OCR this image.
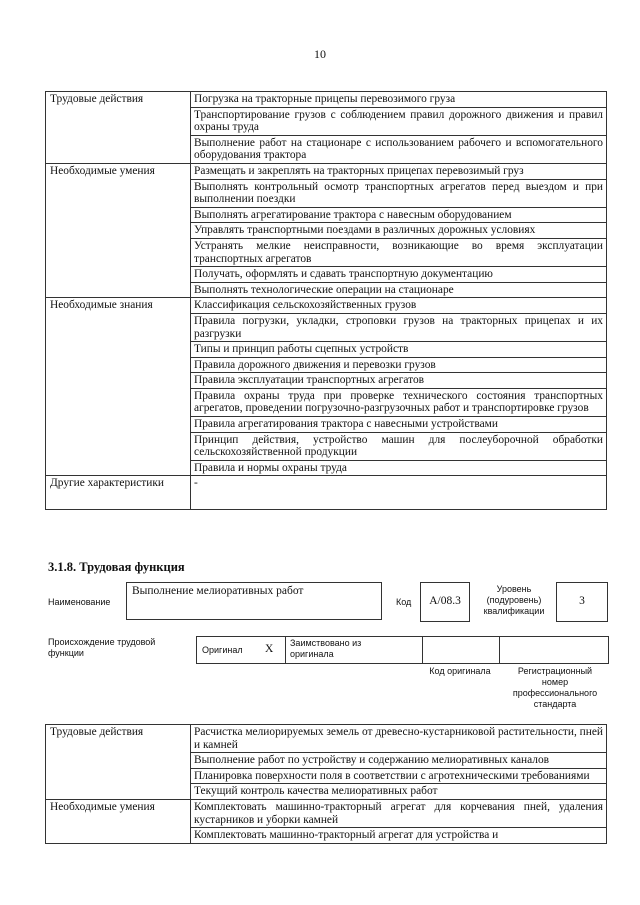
10
Трудовые действия	Погрузка на тракторные прицепы перевозимого груза
	Транспортирование грузов с соблюдением правил дорожного движения и правил охраны труда
	Выполнение работ на стационаре с использованием рабочего и вспомогательного оборудования трактора
Необходимые умения	Размещать и закреплять на тракторных прицепах перевозимый груз
	Выполнять контрольный осмотр транспортных агрегатов перед выездом и при выполнении поездки
	Выполнять агрегатирование трактора с навесным оборудованием
	Управлять транспортными поездами в различных дорожных условиях
	Устранять мелкие неисправности, возникающие во время эксплуатации транспортных агрегатов
	Получать, оформлять и сдавать транспортную документацию
	Выполнять технологические операции на стационаре
Необходимые знания	Классификация сельскохозяйственных грузов
	Правила погрузки, укладки, строповки грузов на тракторных прицепах и их разгрузки
	Типы и принцип работы сцепных устройств
	Правила дорожного движения и перевозки грузов
	Правила эксплуатации транспортных агрегатов
	Правила охраны труда при проверке технического состояния транспортных агрегатов, проведении погрузочно-разгрузочных работ и транспортировке грузов
	Правила агрегатирования трактора с навесными устройствами
	Принцип действия, устройство машин для послеуборочной обработки сельскохозяйственной продукции
	Правила и нормы охраны труда
Другие характеристики	-
3.1.8. Трудовая функция
Наименование
Выполнение мелиоративных работ
Код	А/08.3
Уровень (подуровень) квалификации
3
Происхождение трудовой функции	Оригинал X Заимствовано из оригинала
Код оригинала	Регистрационный номер профессионального стандарта
Трудовые действия	Расчистка мелиорируемых земель от древесно-кустарниковой растительности, пней и камней
	Выполнение работ по устройству и содержанию мелиоративных каналов
	Планировка поверхности поля в соответствии с агротехническими требованиями
	Текущий контроль качества мелиоративных работ
Необходимые умения	Комплектовать машинно-тракторный агрегат для корчевания пней, удаления кустарников и уборки камней
	Комплектовать машинно-тракторный агрегат для устройства и
